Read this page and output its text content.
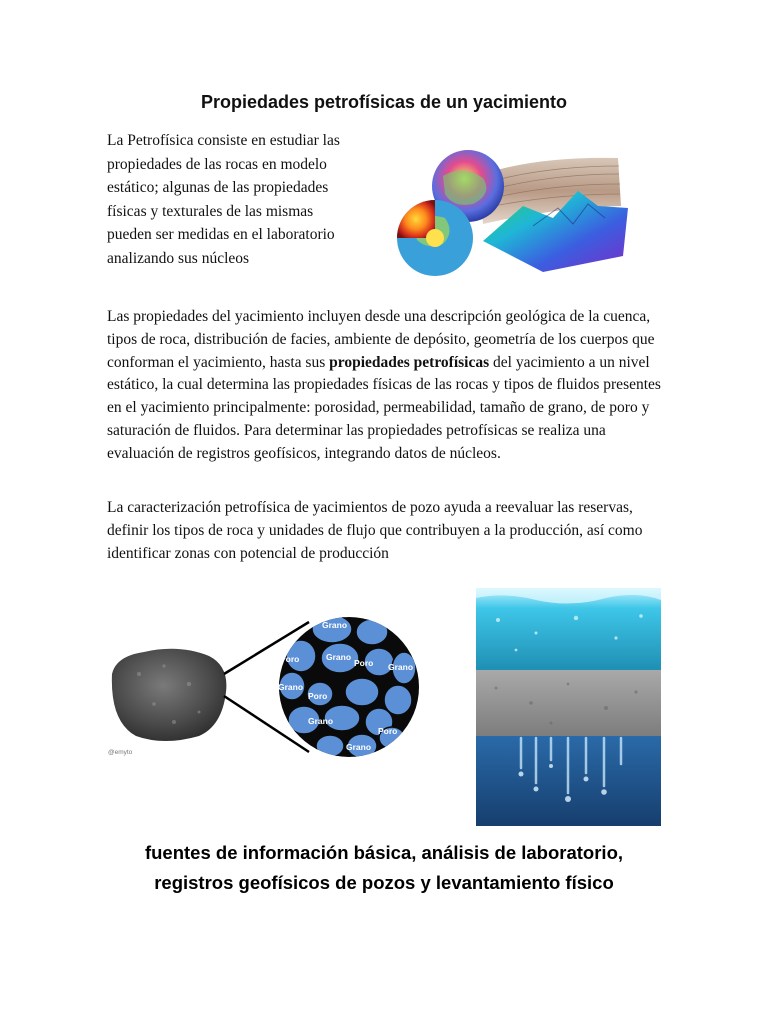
Propiedades petrofísicas de un yacimiento
La Petrofísica consiste en estudiar las
propiedades de las rocas en modelo
estático; algunas de las propiedades
físicas y texturales de las mismas
pueden ser medidas en el laboratorio
analizando sus núcleos
Las propiedades del yacimiento incluyen desde una descripción geológica de la cuenca, tipos de roca, distribución de facies, ambiente de depósito, geometría de los cuerpos que conforman el yacimiento, hasta sus propiedades petrofísicas del yacimiento a un nivel estático, la cual determina las propiedades físicas de las rocas y tipos de fluidos presentes en el yacimiento principalmente: porosidad, permeabilidad, tamaño de grano, de poro y saturación de fluidos. Para determinar las propiedades petrofísicas se realiza una evaluación de registros geofísicos, integrando datos de núcleos.
La caracterización petrofísica de yacimientos de pozo ayuda a reevaluar las reservas, definir los tipos de roca y unidades de flujo que contribuyen a la producción, así como identificar zonas con potencial de producción
Grano
Poro	Grano
Poro Grano
Grano
Poro
Grano
Poro
Grano
@emyto
fuentes de información básica, análisis de laboratorio,
registros geofísicos de pozos y levantamiento físico
